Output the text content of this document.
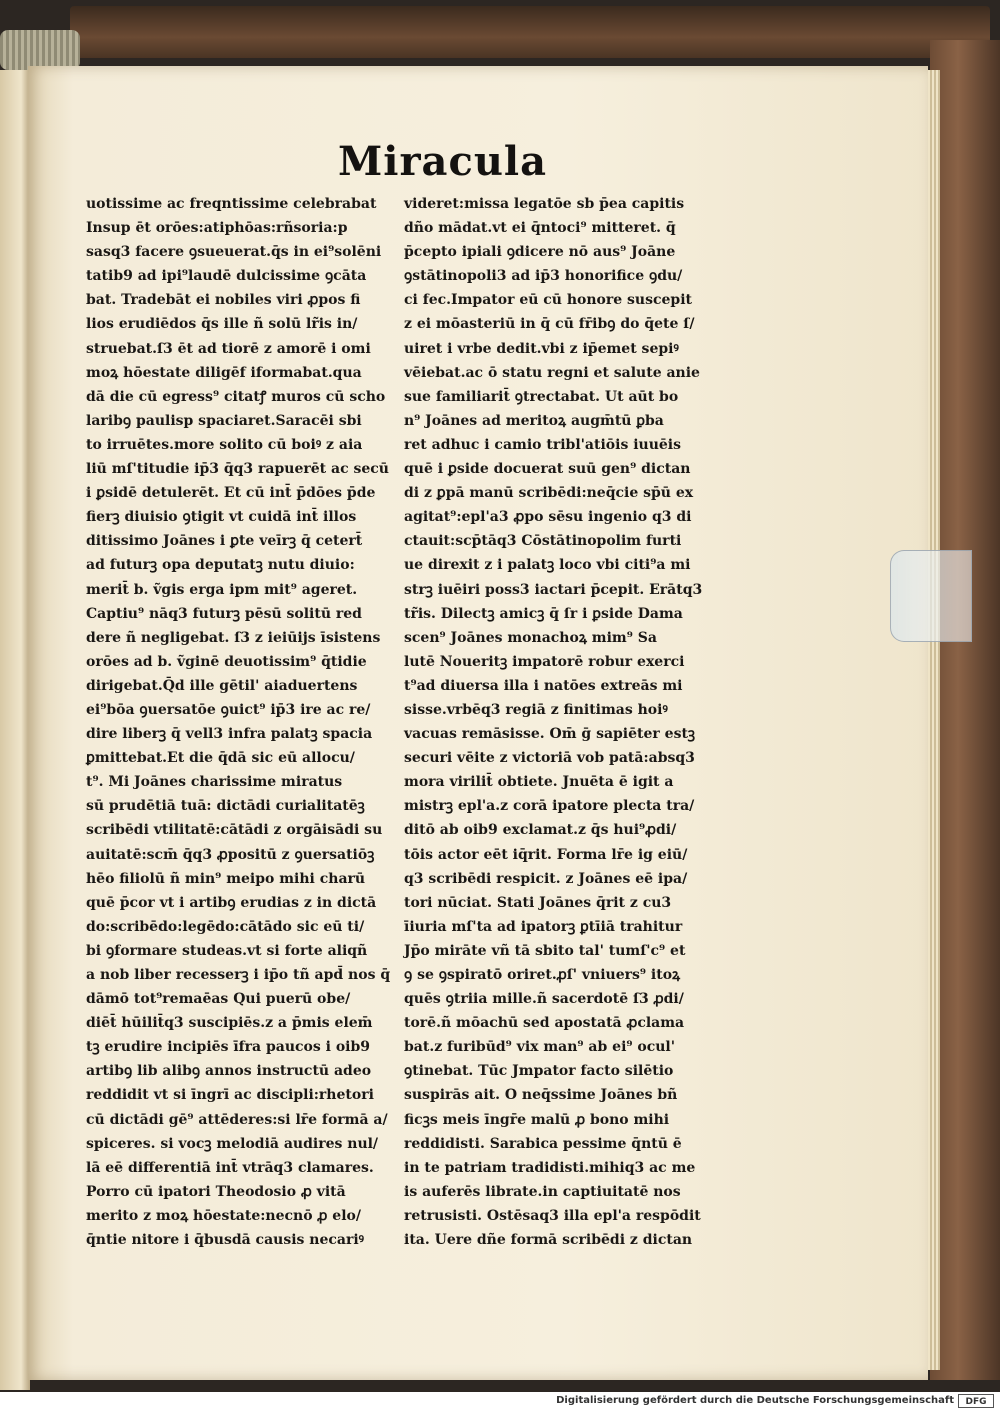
Miracula
uotissime ac freqntissime celebrabat
Insup ēt orōes:atiphōas:rñsoria:p
sasq3 facere ꝯsueuerat.q̄s in ei⁹solēni
tatib9 ad ipi⁹laudē dulcissime ꝯcāta
bat. Tradebāt ei nobiles viri ꝓpos fi
lios erudiēdos q̄s ille ñ solū lr̃is in/
struebat.ſ3 ēt ad tiorē z amorē i omi
moꝝ hōestate diligēf iformabat.qua
dā die cū egress⁹ citatꝭ muros cū scho
laribꝯ paulisp spaciaret.Saracēi sbi
to irruētes.more solito cū boiꝰ z aia
liū mſ'titudie ip̄3 q̄q3 rapuerēt ac secū
i ꝑsidē detulerēt. Et cū int̄ p̄dōes p̄de
fierꝫ diuisio ꝯtigit vt cuidā int̄ illos
ditissimo Joānes i ꝑte veīrꝫ q̄ cetert̄
ad futurꝫ opa deputatꝫ nutu diuio:
merit̄ b. ṽgis erga ipm mit⁹ ageret.
Captiu⁹ nāq3 futurꝫ pēsū solitū red
dere ñ negligebat. ſ3 z ieiūijs īsistens
orōes ad b. ṽginē deuotissim⁹ q̄tidie
dirigebat.Q̄d ille gētil' aiaduertens
ei⁹bōa ꝯuersatōe ꝯuict⁹ ip̄3 ire ac re/
dire liberꝫ q̄ vell3 infra palatꝫ spacia
ꝑmittebat.Et die q̄dā sic eū allocu/
t⁹. Mi Joānes charissime miratus
sū prudētiā tuā: dictādi curialitatēꝫ
scribēdi vtilitatē:cātādi z orgāisādi su
auitatē:scm̄ q̄q3 ꝓpositū z ꝯuersatiōꝫ
hēo filiolū ñ min⁹ meipo mihi charū
quē p̄cor vt i artibꝯ erudias z in dictā
do:scribēdo:legēdo:cātādo sic eū ti/
bi ꝯformare studeas.vt si forte aliqñ
a nob liber recesserꝫ i ip̄o tñ apd̄ nos q̄
dāmō tot⁹remaēas Qui puerū obe/
diēt̄ hūilit̄q3 suscipiēs.z a p̄mis elem̄
tꝫ erudire incipiēs īfra paucos i oib9
artibꝯ lib alibꝯ annos instructū adeo
reddidit vt si īngrī ac discipli:rhetori
cū dictādi gē⁹ attēderes:si lr̄e formā a/
spiceres. si vocꝫ melodiā audires nul/
lā eē differentiā int̄ vtrāq3 clamares.
Porro cū ipatori Theodosio ꝓ vitā
merito z moꝝ hōestate:necnō ꝓ elo/
q̄ntie nitore i q̄busdā causis necariꝰ
videret:missa legatōe sb p̄ea capitis
dño mādat.vt ei q̄ntoci⁹ mitteret. q̄
p̄cepto ipiali ꝯdicere nō aus⁹ Joāne
ꝯstātinopoli3 ad ip̄3 honorifice ꝯdu/
ci fec.Impator eū cū honore suscepit
z ei mōasteriū in q̄ cū fr̄ibꝯ do q̄ete ſ/
uiret i vrbe dedit.vbi z ip̄emet sepiꝰ
vēiebat.ac ō statu regni et salute anie
sue familiarit̄ ꝯtrectabat. Ut aūt bo
n⁹ Joānes ad meritoꝝ augm̄tū ꝑba
ret adhuc i camio tribl'atiōis iuuēis
quē i ꝑside docuerat suū gen⁹ dictan
di z ꝑpā manū scribēdi:neq̄cie sp̄ū ex
agitat⁹:epl'a3 ꝓpo sēsu ingenio q3 di
ctauit:scp̄tāq3 Cōstātinopolim furti
ue direxit z i palatꝫ loco vbi citi⁹a mi
strꝫ iuēiri poss3 iactari p̄cepit. Erātq3
tr̃is. Dilectꝫ amicꝫ q̄ ſr i ꝑside Dama
scen⁹ Joānes monachoꝝ mim⁹ Sa
lutē Noueritꝫ impatorē robur exerci
t⁹ad diuersa illa i natōes extreās mi
sisse.vrbēq3 regiā z finitimas hoiꝰ
vacuas remāsisse. Om̄ ḡ sapiēter estꝫ
securi vēite z victoriā vob patā:absq3
mora virilit̄ obtiete. Jnuēta ē igit a
mistrꝫ epl'a.z corā ipatore plecta tra/
ditō ab oib9 exclamat.z q̄s hui⁹ꝓdi/
tōis actor eēt iq̄rit. Forma lr̄e ig eiū/
q3 scribēdi respicit. z Joānes eē ipa/
tori nūciat. Stati Joānes q̄rit z cu3
īiuria mſ'ta ad ipatorꝫ ꝑtīiā trahitur
Jp̄o mirāte vñ tā sbito tal' tumſ'c⁹ et
ꝯ se ꝯspiratō oriret.ꝓſ' vniuers⁹ itoꝝ
quēs ꝯtriia mille.ñ sacerdotē ſ3 ꝓdi/
torē.ñ mōachū sed apostatā ꝓclama
bat.z furibūd⁹ vix man⁹ ab ei⁹ ocul'
ꝯtinebat. Tūc Jmpator facto silētio
suspirās ait. O neq̄ssime Joānes bñ
ficꝫs meis īngr̄e malū ꝓ bono mihi
reddidisti. Sarabica pessime q̄ntū ē
in te patriam tradidisti.mihiq3 ac me
is auferēs librate.in captiuitatē nos
retrusisti. Ostēsaq3 illa epl'a respōdit
ita. Uere dñe formā scribēdi z dictan
Digitalisierung gefördert durch die Deutsche Forschungsgemeinschaft	DFG
